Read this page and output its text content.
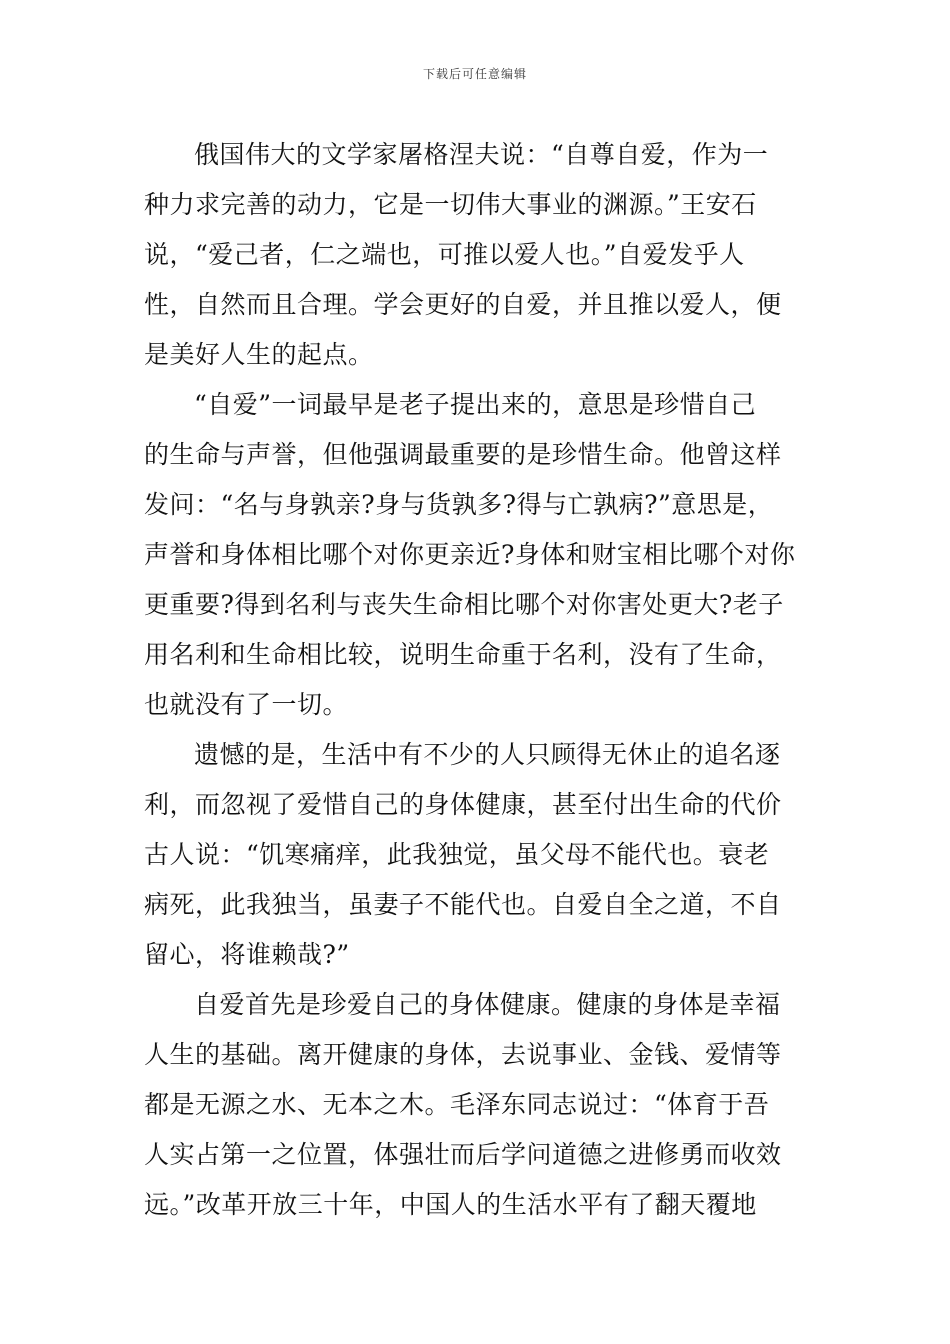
下载后可任意编辑
俄国伟大的文学家屠格涅夫说：“自尊自爱，作为一
种力求完善的动力，它是一切伟大事业的渊源。”王安石
说，“爱己者，仁之端也，可推以爱人也。”自爱发乎人
性，自然而且合理。学会更好的自爱，并且推以爱人，便
是美好人生的起点。
“自爱”一词最早是老子提出来的，意思是珍惜自己
的生命与声誉，但他强调最重要的是珍惜生命。他曾这样
发问：“名与身孰亲?身与货孰多?得与亡孰病?”意思是，
声誉和身体相比哪个对你更亲近?身体和财宝相比哪个对你
更重要?得到名利与丧失生命相比哪个对你害处更大?老子
用名利和生命相比较，说明生命重于名利，没有了生命，
也就没有了一切。
遗憾的是，生活中有不少的人只顾得无休止的追名逐
利，而忽视了爱惜自己的身体健康，甚至付出生命的代价
古人说：“饥寒痛痒，此我独觉，虽父母不能代也。衰老
病死，此我独当，虽妻子不能代也。自爱自全之道，不自
留心，将谁赖哉?”
自爱首先是珍爱自己的身体健康。健康的身体是幸福
人生的基础。离开健康的身体，去说事业、金钱、爱情等
都是无源之水、无本之木。毛泽东同志说过：“体育于吾
人实占第一之位置，体强壮而后学问道德之进修勇而收效
远。”改革开放三十年，中国人的生活水平有了翻天覆地
